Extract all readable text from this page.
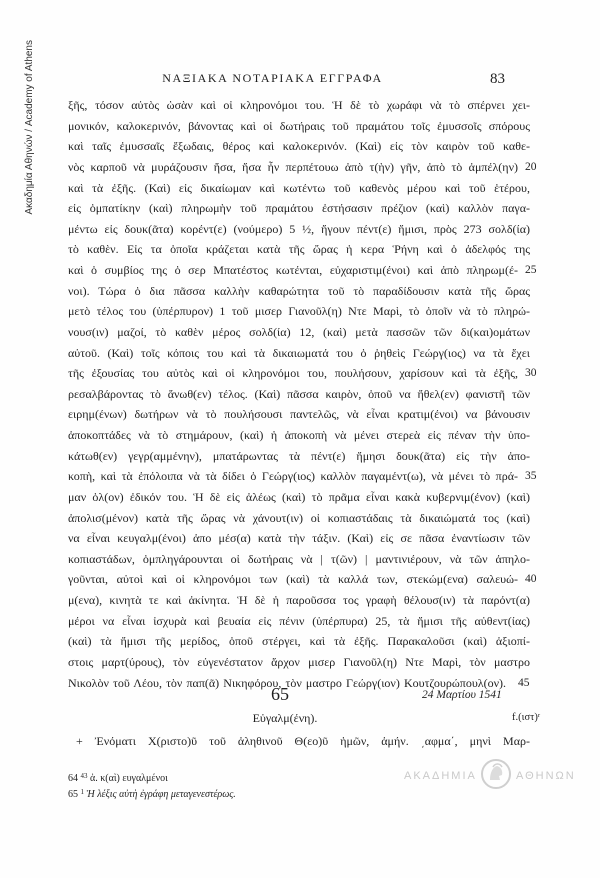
Ακαδημία Αθηνών / Academy of Athens	ΝΑΞΙΑΚΑ ΝΟΤΑΡΙΑΚΑ ΕΓΓΡΑΦΑ	83
ξῆς, τόσον αὐτὸς ὡσὰν καὶ οἱ κληρονόμοι του. Ἡ δὲ τὸ χωράφι νὰ τὸ σπέρνει χει-
μονικόν, καλοκερινόν, βάνοντας καὶ οἱ δωτήραις τοῦ πραμάτου τοῖς ἐμυσσοῖς σπόρους
καὶ ταῖς ἐμυσσαῖς ἔξωδαις, θέρος καὶ καλοκερινόν. (Καὶ) εἰς τὸν καιρὸν τοῦ καθε-
νὸς καρποῦ νὰ μυράζουσιν ἤσα, ἤσα ἦν περπέτουω ἀπὸ τ(ὴν) γῆν, ἀπὸ τὸ ἀμπέλ(ην) 20
καὶ τὰ ἐξῆς. (Καὶ) εἰς δικαίωμαν καὶ κωτέντω τοῦ καθενὸς μέρου καὶ τοῦ ἑτέρου,
εἰς ὁμπατίκην (καὶ) πληρωμὴν τοῦ πραμάτου ἐστήσασιν πρέζιον (καὶ) καλλὸν παγα-
μέντω εἰς δουκ(ᾶτα) κορέντ(ε) (νούμερο) 5 ½, ἤγουν πέντ(ε) ἥμισι, πρὸς 273 σολδ(ία)
τὸ καθὲν. Εἰς τα ὁποῖα κράζεται κατὰ τῆς ὥρας ἡ κερα Ῥήνη καὶ ὁ ἀδελφός της
καὶ ὁ συμβίος της ὁ σερ Μπατέστος κωτένται, εὐχαριστιμ(ένοι) καὶ ἀπὸ πληρωμ(έ- 25
νοι). Τώρα ὁ δια πᾶσσα καλλὴν καθαρώτητα τοῦ τὸ παραδίδουσιν κατὰ τῆς ὥρας
μετὸ τέλος του (ὑπέρπυρον) 1 τοῦ μισερ Γιανοῦλ(η) Ντε Μαρὶ, τὸ ὁποῖν νὰ τὸ πληρώ-
νουσ(ιν) μαζοί, τὸ καθὲν μέρος σολδ(ία) 12, (καὶ) μετὰ πασσῶν τῶν δι(και)ομάτων
αὐτοῦ. (Καὶ) τοῖς κόποις του καὶ τὰ δικαιωματά του ὁ ῥηθεὶς Γεώργ(ιος) να τὰ ἔχει
τῆς ἐξουσίας του αὐτὸς καὶ οἱ κληρονόμοι του, πουλήσουν, χαρίσουν καὶ τὰ ἐξῆς, 30
ρεσαλβάροντας τὸ ἄνωθ(εν) τέλος. (Καὶ) πᾶσσα καιρὸν, ὁποῦ να ἤθελ(εν) φανιστῆ τῶν
ειρημ(ένων) δωτήρων νὰ τὸ πουλήσουσι παντελῶς, νὰ εἶναι κρατιμ(ένοι) να βάνουσιν
ἀποκοπτάδες νὰ τὸ στημάρουν, (καὶ) ἡ ἀποκοπὴ νὰ μένει στερεὰ εἰς πέναν τὴν ὑπο-
κάτωθ(εν) γεγρ(αμμένην), μπατάρωντας τὰ πέντ(ε) ἥμησι δουκ(ᾶτα) εἰς τὴν ἀπο-
κοπὴ, καὶ τὰ ἐπόλοιπα νὰ τὰ δίδει ὁ Γεώργ(ιος) καλλὸν παγαμέντ(ω), νὰ μένει τὸ πρά- 35
μαν ὁλ(ον) ἐδικόν του. Ἡ δὲ εἰς ἀλέως (καὶ) τὸ πρᾶμα εἶναι κακὰ κυβερνιμ(ένον) (καὶ)
ἀπολισ(μένον) κατὰ τῆς ὥρας νὰ χάνουτ(ιν) οἱ κοπιαστάδαις τὰ δικαιώματά τος (καὶ)
να εἶναι κευγαλμ(ένοι) ἀπο μέσ(α) κατὰ τὴν τάξιν. (Καὶ) εἰς σε πᾶσα ἐναντίωσιν τῶν
κοπιαστάδων, ὁμπληγάρουνται οἱ δωτήραις νὰ | τ(ῶν) | μαντινιέρουν, νὰ τῶν ἀπηλο-
γοῦνται, αὐτοὶ καὶ οἱ κληρονόμοι των (καὶ) τὰ καλλά των, στεκώμ(ενα) σαλευώ- 40
μ(ενα), κινητὰ τε καὶ ἀκίνητα. Ἡ δὲ ἡ παροῦσσα τος γραφὴ θέλουσ(ιν) τὰ παρόντ(α)
μέροι να εἶναι ἰσχυρὰ καὶ βευαία εἰς πένιν (ὑπέρπυρα) 25, τὰ ἥμισι τῆς αὐθεντ(ίας)
(καὶ) τὰ ἥμισι τῆς μερίδος, ὁποῦ στέργει, καὶ τὰ ἐξῆς. Παρακαλοῦσι (καὶ) ἀξιοπί-
στοις μαρτ(ύρους), τὸν εὐγενέστατον ἄρχον μισερ Γιανοῦλ(η) Ντε Μαρὶ, τὸν μαστρο
Νικολὸν τοῦ Λέου, τὸν παπ(ᾶ) Νικηφόρου, τὸν μαστρο Γεώργ(ιον) Κουτζουρώπουλ(ον). 45
65	24 Μαρτίου 1541
Εὐγαλμ(ένη).	f.(ιστ)ʳ
+ Ἐνόματι Χ(ριστο)ῦ τοῦ ἀληθινοῦ Θ(εο)ῦ ἡμῶν, ἀμήν. ͵αφμα΄, μηνὶ Μαρ-
64 $^{43}$ ἀ. κ(αὶ) ευγαλμένοι
65 $^1$ Ἡ λέξις αὐτὴ ἐγράφη μεταγενεστέρως.
ΑΚΑΔΗΜΙΑ	ΑΘΗΝΩΝ
